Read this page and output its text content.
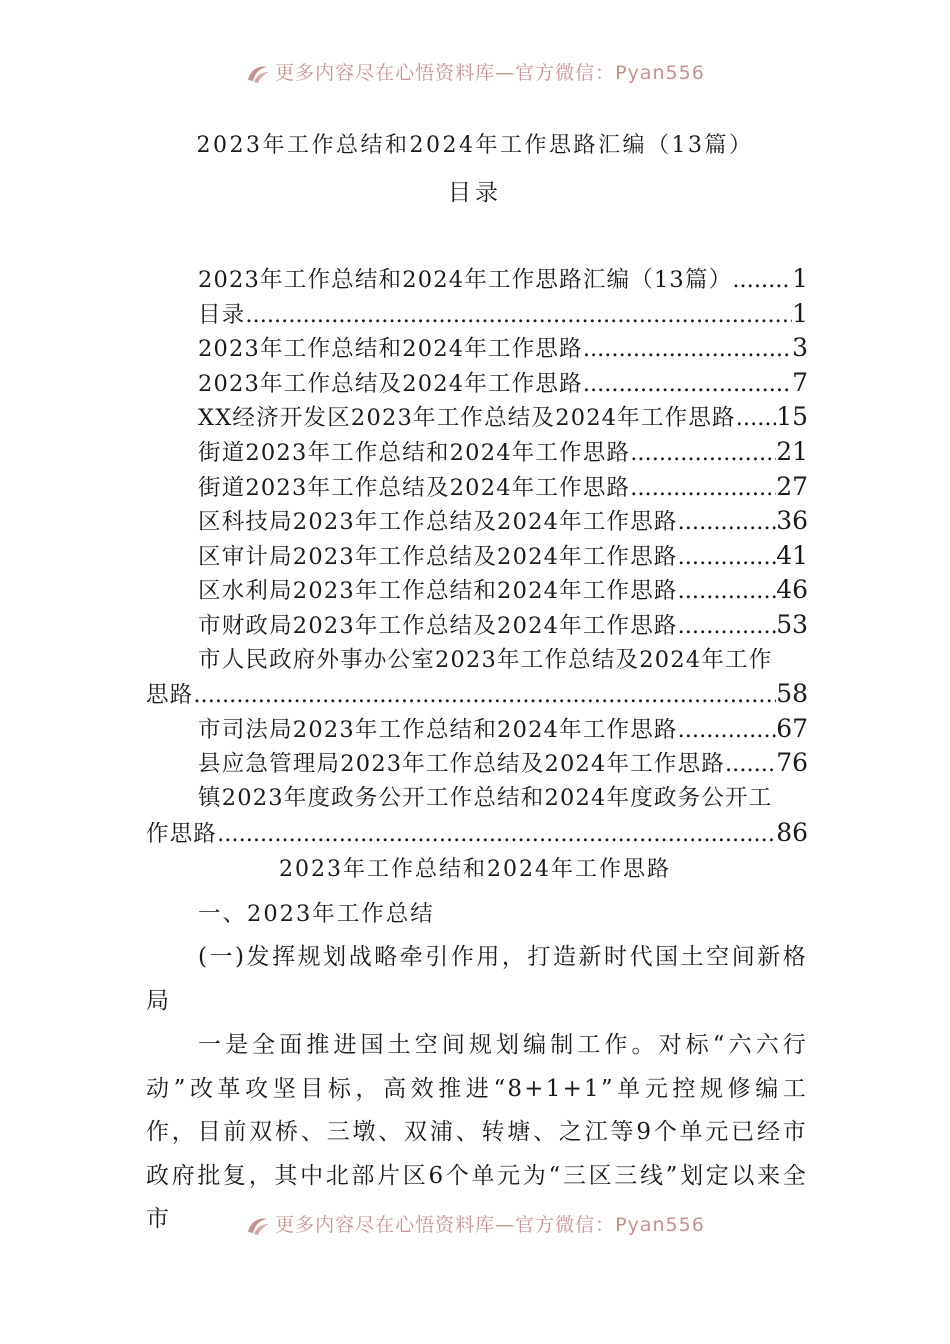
更多内容尽在心悟资料库—官方微信：Pyan556
2023年工作总结和2024年工作思路汇编（13篇）
目录
2023年工作总结和2024年工作思路汇编（13篇） ..... 1
目录 .....	1
2023年工作总结和2024年工作思路 .....	3
2023年工作总结及2024年工作思路 .....	7
XX经济开发区2023年工作总结及2024年工作思路 ..... 15
街道2023年工作总结和2024年工作思路 .....	21
街道2023年工作总结及2024年工作思路 .....	27
区科技局2023年工作总结及2024年工作思路 .....	36
区审计局2023年工作总结及2024年工作思路 .....	41
区水利局2023年工作总结和2024年工作思路 .....	46
市财政局2023年工作总结及2024年工作思路 .....	53
市人民政府外事办公室2023年工作总结及2024年工作
思路 .....	58
市司法局2023年工作总结和2024年工作思路 .....	67
县应急管理局2023年工作总结及2024年工作思路 ..... 76
镇2023年度政务公开工作总结和2024年度政务公开工
作思路 .....	86
2023年工作总结和2024年工作思路
一、2023年工作总结
(一)发挥规划战略牵引作用，打造新时代国土空间新格局
一是全面推进国土空间规划编制工作。对标“六六行动”改革攻坚目标，高效推进“8+1+1”单元控规修编工作，目前双桥、三墩、双浦、转塘、之江等9个单元已经市政府批复，其中北部片区6个单元为“三区三线”划定以来全市	更多内容尽在心悟资料库—官方微信：Pyan556
